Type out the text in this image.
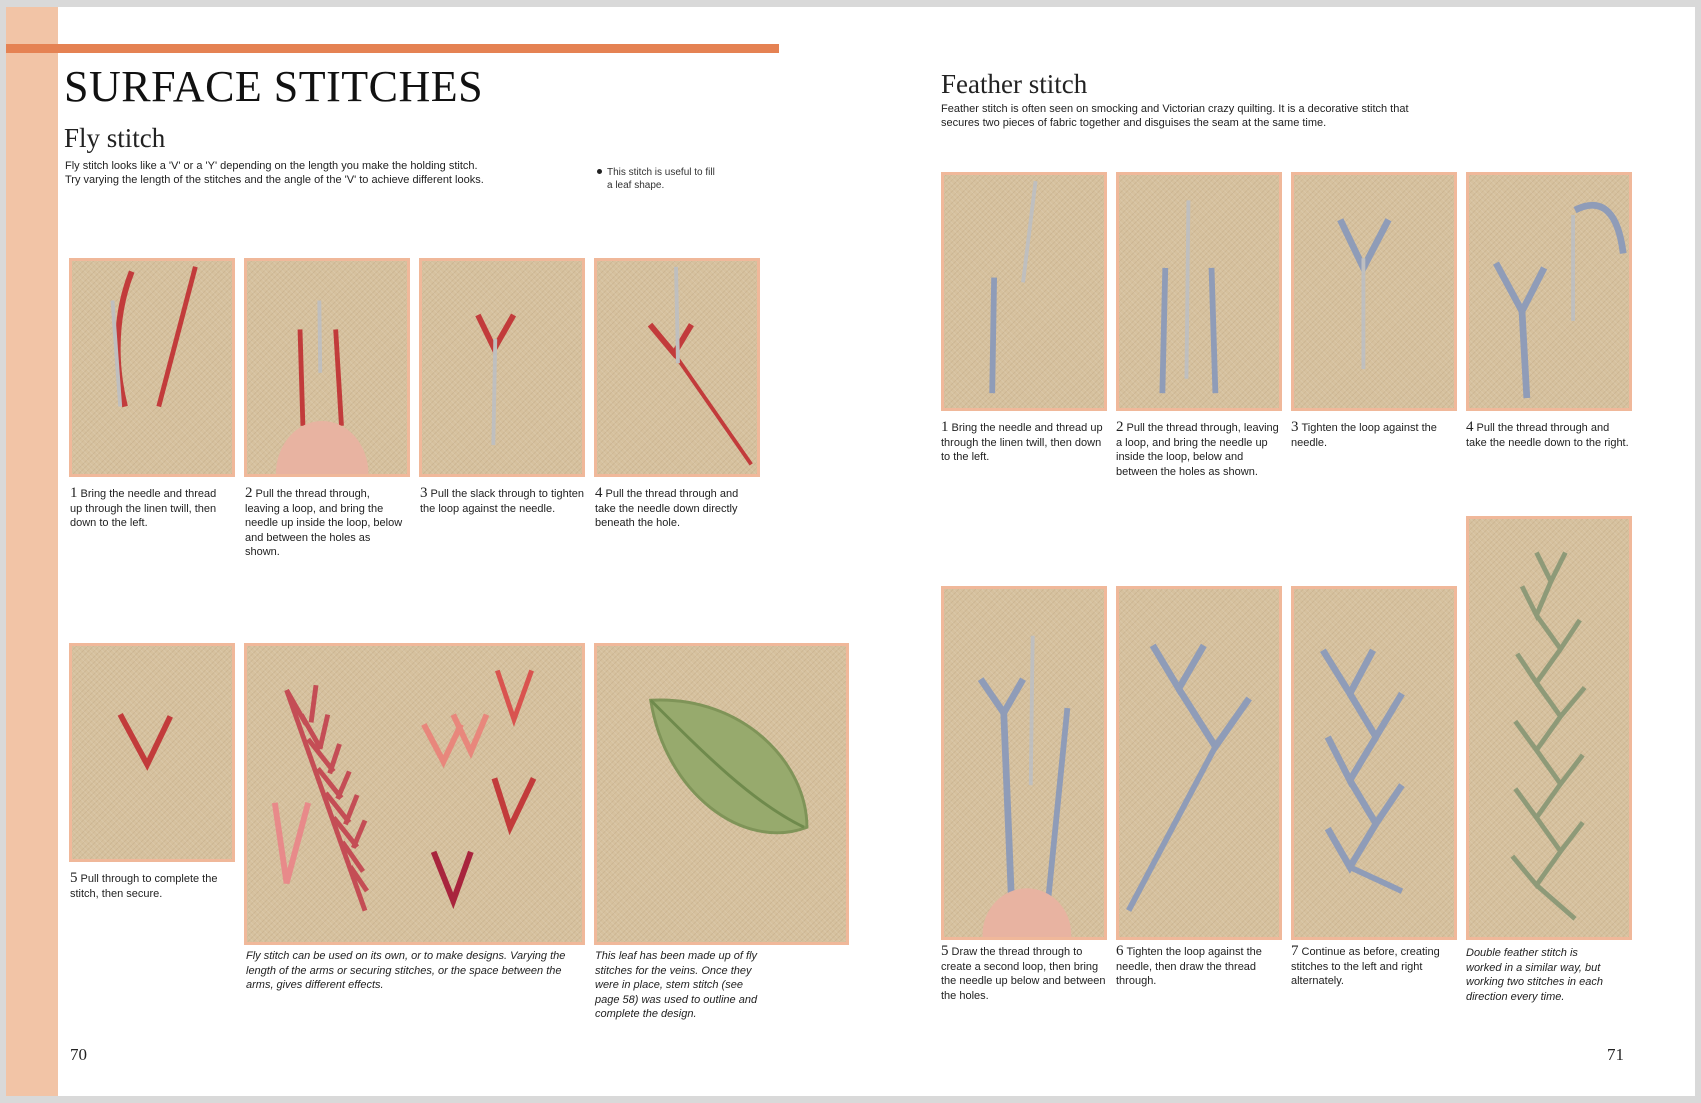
SURFACE STITCHES
Fly stitch
Fly stitch looks like a 'V' or a 'Y' depending on the length you make the holding stitch.
Try varying the length of the stitches and the angle of the 'V' to achieve different looks.
This stitch is useful to fill
a leaf shape.
1 Bring the needle and thread up through the linen twill, then down to the left.
2 Pull the thread through, leaving a loop, and bring the needle up inside the loop, below and between the holes as shown.
3 Pull the slack through to tighten the loop against the needle.
4 Pull the thread through and take the needle down directly beneath the hole.
5 Pull through to complete the stitch, then secure.
Fly stitch can be used on its own, or to make designs. Varying the length of the arms or securing stitches, or the space between the arms, gives different effects.
This leaf has been made up of fly stitches for the veins. Once they were in place, stem stitch (see page 58) was used to outline and complete the design.
70
Feather stitch
Feather stitch is often seen on smocking and Victorian crazy quilting. It is a decorative stitch that
secures two pieces of fabric together and disguises the seam at the same time.
1 Bring the needle and thread up through the linen twill, then down to the left.
2 Pull the thread through, leaving a loop, and bring the needle up inside the loop, below and between the holes as shown.
3 Tighten the loop against the needle.
4 Pull the thread through and take the needle down to the right.
5 Draw the thread through to create a second loop, then bring the needle up below and between the holes.
6 Tighten the loop against the needle, then draw the thread through.
7 Continue as before, creating stitches to the left and right alternately.
Double feather stitch is worked in a similar way, but working two stitches in each direction every time.
71
